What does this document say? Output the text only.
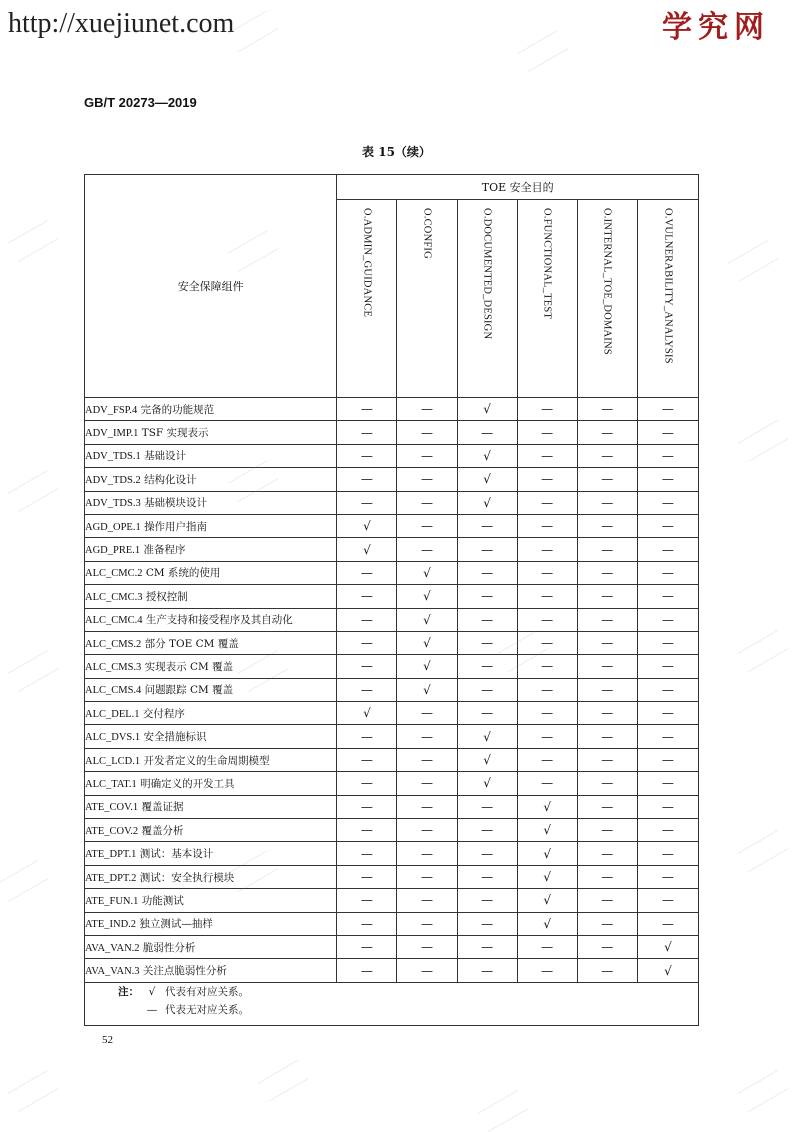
http://xuejiunet.com	学究网
GB/T 20273—2019
表 15（续）
安全保障组件	TOE 安全目的					
	O.ADMIN_GUIDANCE	O.CONFIG	O.DOCUMENTED_DESIGN	O.FUNCTIONAL_TEST	O.INTERNAL_TOE_DOMAINS	O.VULNERABILITY_ANALYSIS
ADV_FSP.4 完备的功能规范	—	—	√	—	—	—
ADV_IMP.1 TSF 实现表示	—	—	—	—	—	—
ADV_TDS.1 基础设计	—	—	√	—	—	—
ADV_TDS.2 结构化设计	—	—	√	—	—	—
ADV_TDS.3 基础模块设计	—	—	√	—	—	—
AGD_OPE.1 操作用户指南	√	—	—	—	—	—
AGD_PRE.1 准备程序	√	—	—	—	—	—
ALC_CMC.2 CM 系统的使用	—	√	—	—	—	—
ALC_CMC.3 授权控制	—	√	—	—	—	—
ALC_CMC.4 生产支持和接受程序及其自动化	—	√	—	—	—	—
ALC_CMS.2 部分 TOE CM 覆盖	—	√	—	—	—	—
ALC_CMS.3 实现表示 CM 覆盖	—	√	—	—	—	—
ALC_CMS.4 问题跟踪 CM 覆盖	—	√	—	—	—	—
ALC_DEL.1 交付程序	√	—	—	—	—	—
ALC_DVS.1 安全措施标识	—	—	√	—	—	—
ALC_LCD.1 开发者定义的生命周期模型	—	—	√	—	—	—
ALC_TAT.1 明确定义的开发工具	—	—	√	—	—	—
ATE_COV.1 覆盖证据	—	—	—	√	—	—
ATE_COV.2 覆盖分析	—	—	—	√	—	—
ATE_DPT.1 测试：基本设计	—	—	—	√	—	—
ATE_DPT.2 测试：安全执行模块	—	—	—	√	—	—
ATE_FUN.1 功能测试	—	—	—	√	—	—
ATE_IND.2 独立测试—抽样	—	—	—	√	—	—
AVA_VAN.2 脆弱性分析	—	—	—	—	—	√
AVA_VAN.3 关注点脆弱性分析	—	—	—	—	—	√

注： √ 代表有对应关系。
— 代表无对应关系。						
52
